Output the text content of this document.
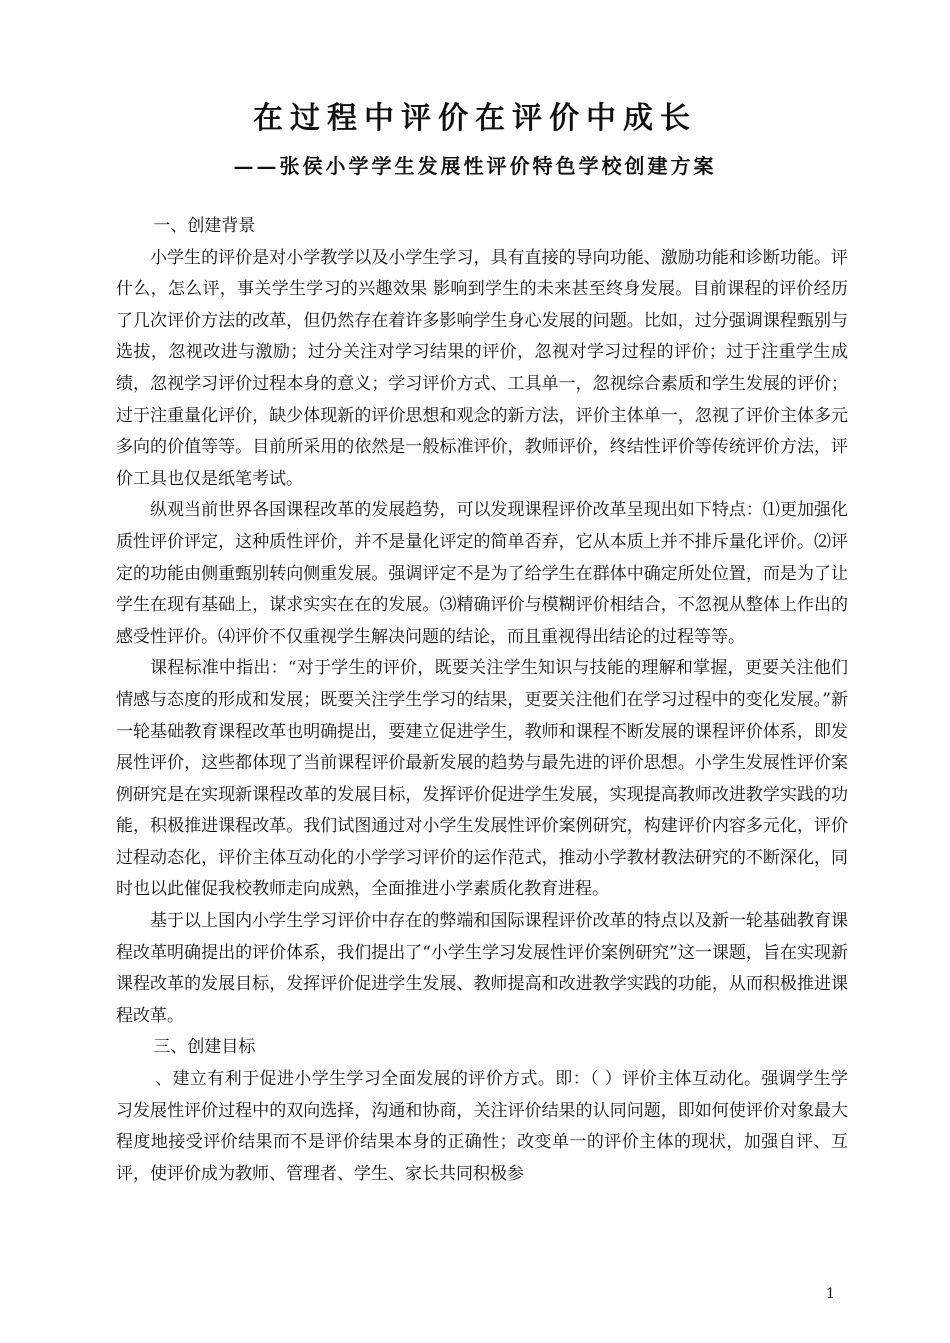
在过程中评价在评价中成长
——张侯小学学生发展性评价特色学校创建方案

一、创建背景

小学生的评价是对小学教学以及小学生学习，具有直接的导向功能、激励功能和诊断功能。评什么，怎么评，事关学生学习的兴趣效果 影响到学生的未来甚至终身发展。目前课程的评价经历了几次评价方法的改革，但仍然存在着许多影响学生身心发展的问题。比如，过分强调课程甄别与选拔，忽视改进与激励；过分关注对学习结果的评价，忽视对学习过程的评价；过于注重学生成绩，忽视学习评价过程本身的意义；学习评价方式、工具单一，忽视综合素质和学生发展的评价；过于注重量化评价，缺少体现新的评价思想和观念的新方法，评价主体单一，忽视了评价主体多元多向的价值等等。目前所采用的依然是一般标准评价，教师评价，终结性评价等传统评价方法，评价工具也仅是纸笔考试。

纵观当前世界各国课程改革的发展趋势，可以发现课程评价改革呈现出如下特点：⑴更加强化质性评价评定，这种质性评价，并不是量化评定的简单否弃，它从本质上并不排斥量化评价。⑵评定的功能由侧重甄别转向侧重发展。强调评定不是为了给学生在群体中确定所处位置，而是为了让学生在现有基础上，谋求实实在在的发展。⑶精确评价与模糊评价相结合，不忽视从整体上作出的感受性评价。⑷评价不仅重视学生解决问题的结论，而且重视得出结论的过程等等。

课程标准中指出：“对于学生的评价，既要关注学生知识与技能的理解和掌握，更要关注他们情感与态度的形成和发展；既要关注学生学习的结果，更要关注他们在学习过程中的变化发展。”新一轮基础教育课程改革也明确提出，要建立促进学生，教师和课程不断发展的课程评价体系，即发展性评价，这些都体现了当前课程评价最新发展的趋势与最先进的评价思想。小学生发展性评价案例研究是在实现新课程改革的发展目标，发挥评价促进学生发展，实现提高教师改进教学实践的功能，积极推进课程改革。我们试图通过对小学生发展性评价案例研究，构建评价内容多元化，评价过程动态化，评价主体互动化的小学学习评价的运作范式，推动小学教材教法研究的不断深化，同时也以此催促我校教师走向成熟，全面推进小学素质化教育进程。

基于以上国内小学生学习评价中存在的弊端和国际课程评价改革的特点以及新一轮基础教育课程改革明确提出的评价体系，我们提出了“小学生学习发展性评价案例研究”这一课题，旨在实现新课程改革的发展目标，发挥评价促进学生发展、教师提高和改进教学实践的功能，从而积极推进课程改革。

三、创建目标

、建立有利于促进小学生学习全面发展的评价方式。即：（ ）评价主体互动化。强调学生学习发展性评价过程中的双向选择，沟通和协商，关注评价结果的认同问题，即如何使评价对象最大程度地接受评价结果而不是评价结果本身的正确性；改变单一的评价主体的现状，加强自评、互评，使评价成为教师、管理者、学生、家长共同积极参

1
